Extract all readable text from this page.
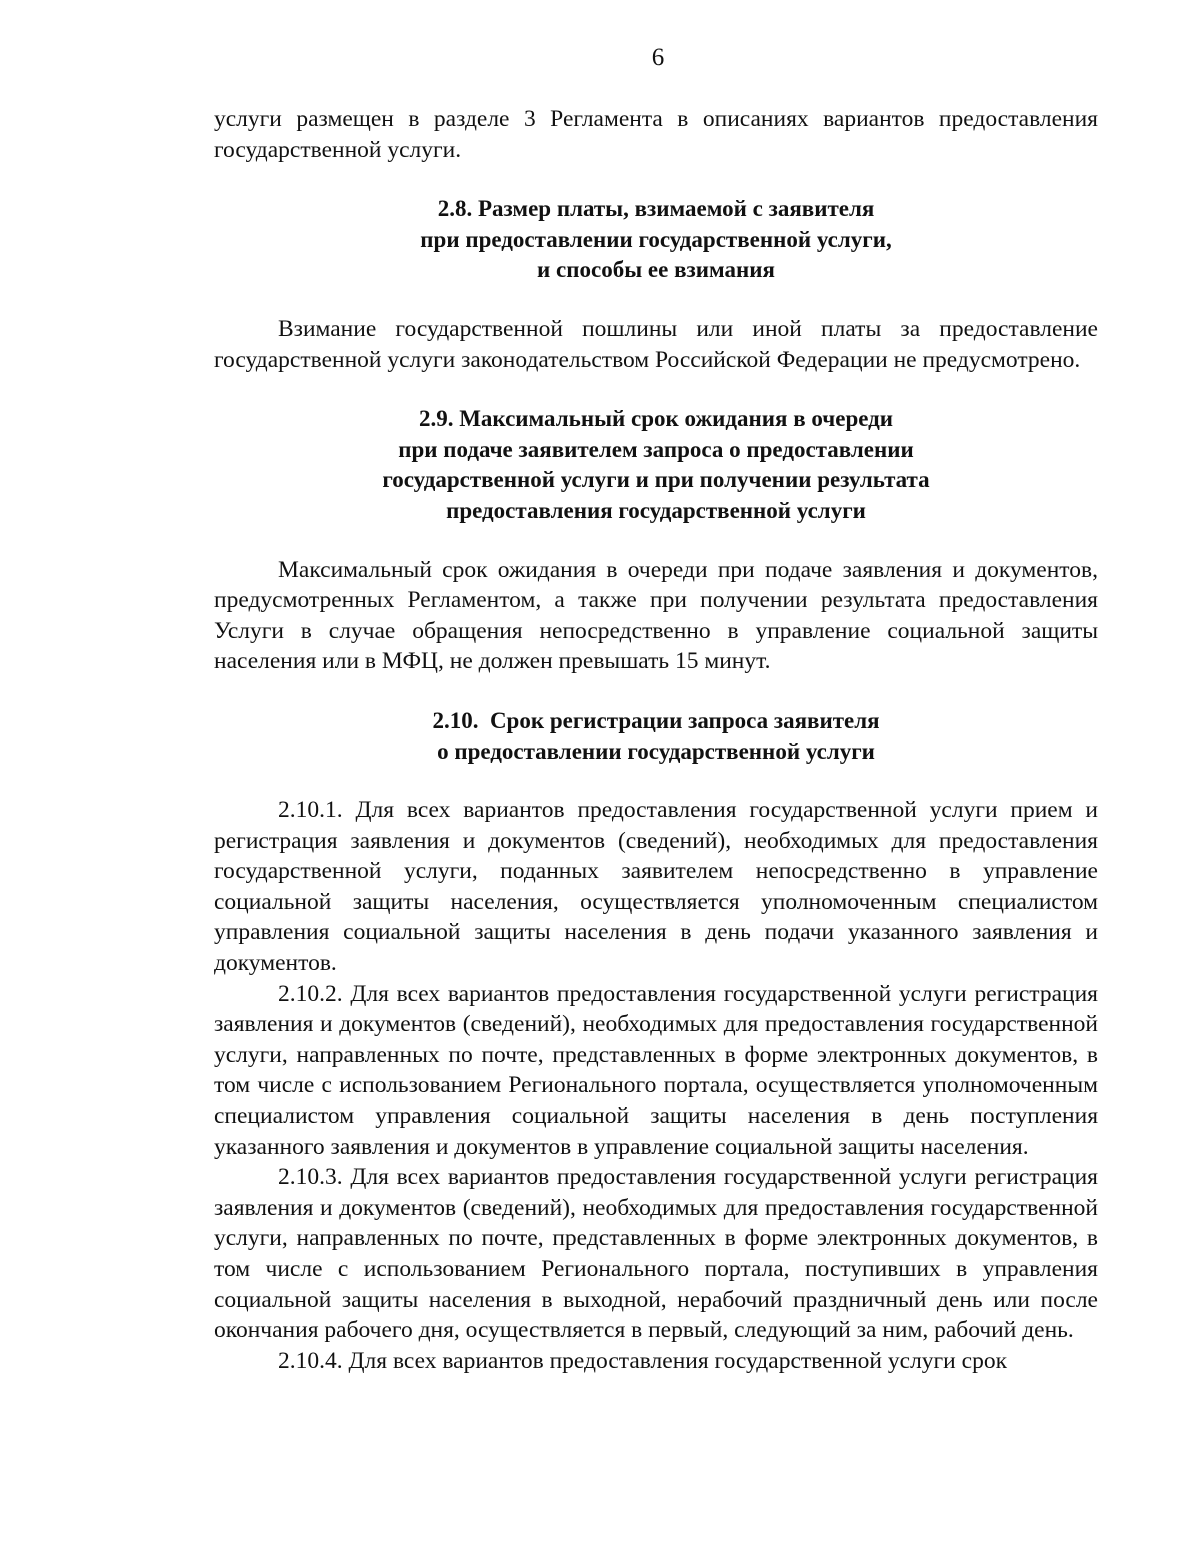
6

услуги размещен в разделе 3 Регламента в описаниях вариантов предоставления государственной услуги.

2.8. Размер платы, взимаемой с заявителя
при предоставлении государственной услуги,
и способы ее взимания

Взимание государственной пошлины или иной платы за предоставление государственной услуги законодательством Российской Федерации не предусмотрено.

2.9. Максимальный срок ожидания в очереди
при подаче заявителем запроса о предоставлении
государственной услуги и при получении результата
предоставления государственной услуги

Максимальный срок ожидания в очереди при подаче заявления и документов, предусмотренных Регламентом, а также при получении результата предоставления Услуги в случае обращения непосредственно в управление социальной защиты населения или в МФЦ, не должен превышать 15 минут.

2.10.  Срок регистрации запроса заявителя
о предоставлении государственной услуги

2.10.1. Для всех вариантов предоставления государственной услуги прием и регистрация заявления и документов (сведений), необходимых для предоставления государственной услуги, поданных заявителем непосредственно в управление социальной защиты населения, осуществляется уполномоченным специалистом управления социальной защиты населения в день подачи указанного заявления и документов.

2.10.2. Для всех вариантов предоставления государственной услуги регистрация заявления и документов (сведений), необходимых для предоставления государственной услуги, направленных по почте, представленных в форме электронных документов, в том числе с использованием Регионального портала, осуществляется уполномоченным специалистом управления социальной защиты населения в день поступления указанного заявления и документов в управление социальной защиты населения.

2.10.3. Для всех вариантов предоставления государственной услуги регистрация заявления и документов (сведений), необходимых для предоставления государственной услуги, направленных по почте, представленных в форме электронных документов, в том числе с использованием Регионального портала, поступивших в управления социальной защиты населения в выходной, нерабочий праздничный день или после окончания рабочего дня, осуществляется в первый, следующий за ним, рабочий день.

2.10.4. Для всех вариантов предоставления государственной услуги срок
